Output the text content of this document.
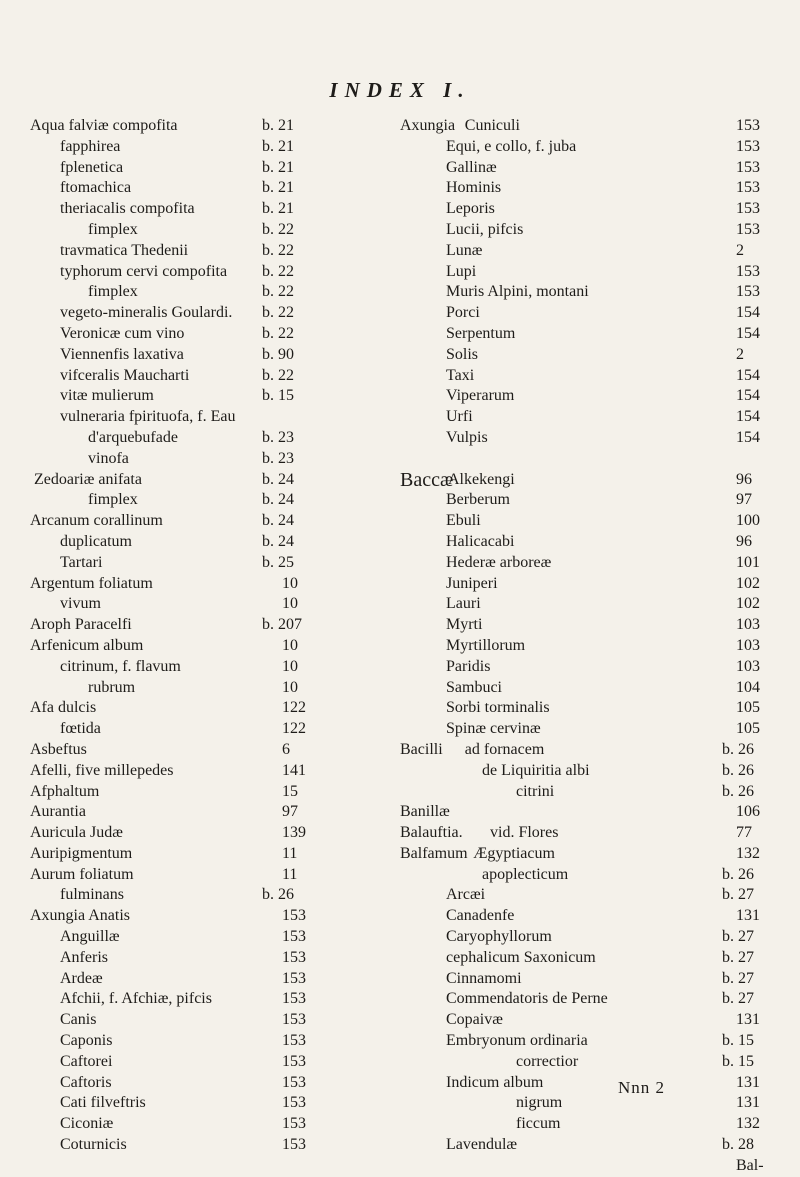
INDEX I.
Aqua falviæ compofita	b. 21
fapphirea	b. 21
fplenetica	b. 21
ftomachica	b. 21
theriacalis compofita	b. 21
fimplex	b. 22
travmatica Thedenii	b. 22
typhorum cervi compofita b. 22
fimplex	b. 22
vegeto-mineralis Goulardi. b. 22
Veronicæ cum vino	b. 22
Viennenfis laxativa	b. 90
vifceralis Maucharti	b. 22
vitæ mulierum	b. 15
vulneraria fpirituofa, f. Eau
d'arquebufade	b. 23
vinofa	b. 23
Zedoariæ anifata	b. 24
fimplex	b. 24
Arcanum corallinum	b. 24
duplicatum	b. 24
Tartari	b. 25
Argentum foliatum	10
vivum	10
Aroph Paracelfi	b. 207
Arfenicum album	10
citrinum, f. flavum	10
rubrum	10
Afa dulcis	122
fœtida	122
Asbeftus	6
Afelli, five millepedes	141
Afphaltum	15
Aurantia	97
Auricula Judæ	139
Auripigmentum	11
Aurum foliatum	11
fulminans	b. 26
Axungia Anatis	153
Anguillæ	153
Anferis	153
Ardeæ	153
Afchii, f. Afchiæ, pifcis	153
Canis	153
Caponis	153
Caftorei	153
Caftoris	153
Cati filveftris	153
Ciconiæ	153
Coturnicis	153
Axungia Cuniculi	153
Equi, e collo, f. juba	153
Gallinæ	153
Hominis	153
Leporis	153
Lucii, pifcis	153
Lunæ	2
Lupi	153
Muris Alpini, montani	153
Porci	154
Serpentum	154
Solis	2
Taxi	154
Viperarum	154
Urfi	154
Vulpis	154
Baccæ
Alkekengi	96
Berberum	97
Ebuli	100
Halicacabi	96
Hederæ arboreæ	101
Juniperi	102
Lauri	102
Myrti	103
Myrtillorum	103
Paridis	103
Sambuci	104
Sorbi torminalis	105
Spinæ cervinæ	105
Bacilli ad fornacem	b. 26
de Liquiritia albi	b. 26
citrini	b. 26
Banillæ	106
Balauftia. vid. Flores	77
Balfamum Ægyptiacum	132
apoplecticum	b. 26
Arcæi	b. 27
Canadenfe	131
Caryophyllorum	b. 27
cephalicum Saxonicum	b. 27
Cinnamomi	b. 27
Commendatoris de Perne	b. 27
Copaivæ	131
Embryonum ordinaria	b. 15
correctior	b. 15
Indicum album	131
nigrum	131
ficcum	132
Lavendulæ	b. 28
Bal-
Nnn 2
